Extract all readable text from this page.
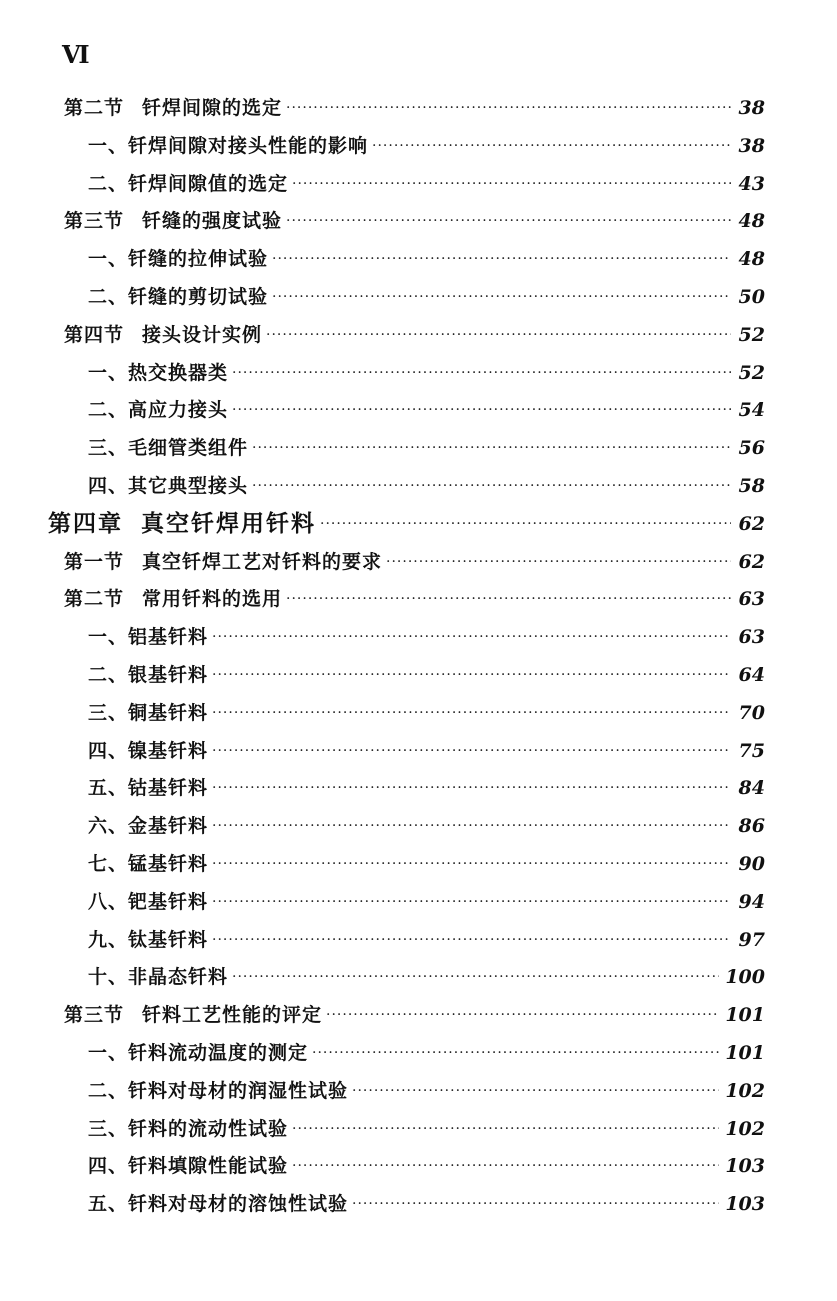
Ⅵ
第二节 钎焊间隙的选定 ·····	38
一、钎焊间隙对接头性能的影响 ·····	38
二、钎焊间隙值的选定 ·····	43
第三节 钎缝的强度试验 ·····	48
一、钎缝的拉伸试验 ·····	48
二、钎缝的剪切试验 ·····	50
第四节 接头设计实例 ·····	52
一、热交换器类 ·····	52
二、高应力接头 ·····	54
三、毛细管类组件 ·····	56
四、其它典型接头 ·····	58
第四章 真空钎焊用钎料 ·····	62
第一节 真空钎焊工艺对钎料的要求 ·····	62
第二节 常用钎料的选用 ·····	63
一、铝基钎料 ·····	63
二、银基钎料 ·····	64
三、铜基钎料 ·····	70
四、镍基钎料 ·····	75
五、钴基钎料 ·····	84
六、金基钎料 ·····	86
七、锰基钎料 ·····	90
八、钯基钎料 ·····	94
九、钛基钎料 ·····	97
十、非晶态钎料 ·····	100
第三节 钎料工艺性能的评定 ·····	101
一、钎料流动温度的测定 ·····	101
二、钎料对母材的润湿性试验 ·····	102
三、钎料的流动性试验 ·····	102
四、钎料填隙性能试验 ·····	103
五、钎料对母材的溶蚀性试验 ·····	103
